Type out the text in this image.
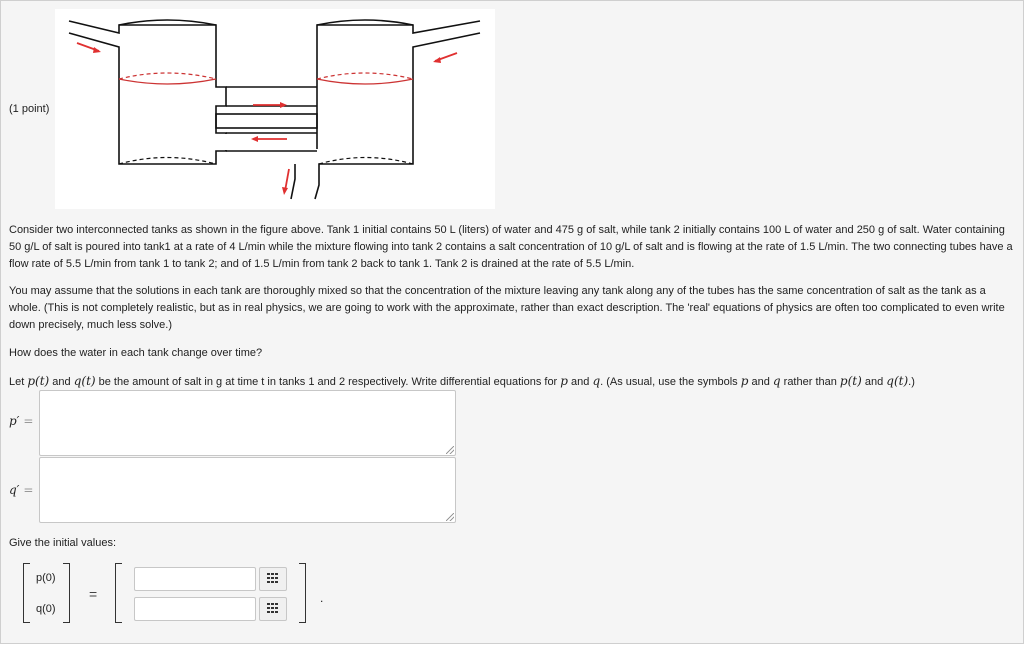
(1 point)
Consider two interconnected tanks as shown in the figure above. Tank 1 initial contains 50 L (liters) of water and 475 g of salt, while tank 2 initially contains 100 L of water and 250 g of salt. Water containing 50 g/L of salt is poured into tank1 at a rate of 4 L/min while the mixture flowing into tank 2 contains a salt concentration of 10 g/L of salt and is flowing at the rate of 1.5 L/min. The two connecting tubes have a flow rate of 5.5 L/min from tank 1 to tank 2; and of 1.5 L/min from tank 2 back to tank 1. Tank 2 is drained at the rate of 5.5 L/min.
You may assume that the solutions in each tank are thoroughly mixed so that the concentration of the mixture leaving any tank along any of the tubes has the same concentration of salt as the tank as a whole. (This is not completely realistic, but as in real physics, we are going to work with the approximate, rather than exact description. The 'real' equations of physics are often too complicated to even write down precisely, much less solve.)
How does the water in each tank change over time?
Let p(t) and q(t) be the amount of salt in g at time t in tanks 1 and 2 respectively. Write differential equations for p and q. (As usual, use the symbols p and q rather than p(t) and q(t).)
p′ =
q′ =
Give the initial values:
p(0)
q(0)
=	.
